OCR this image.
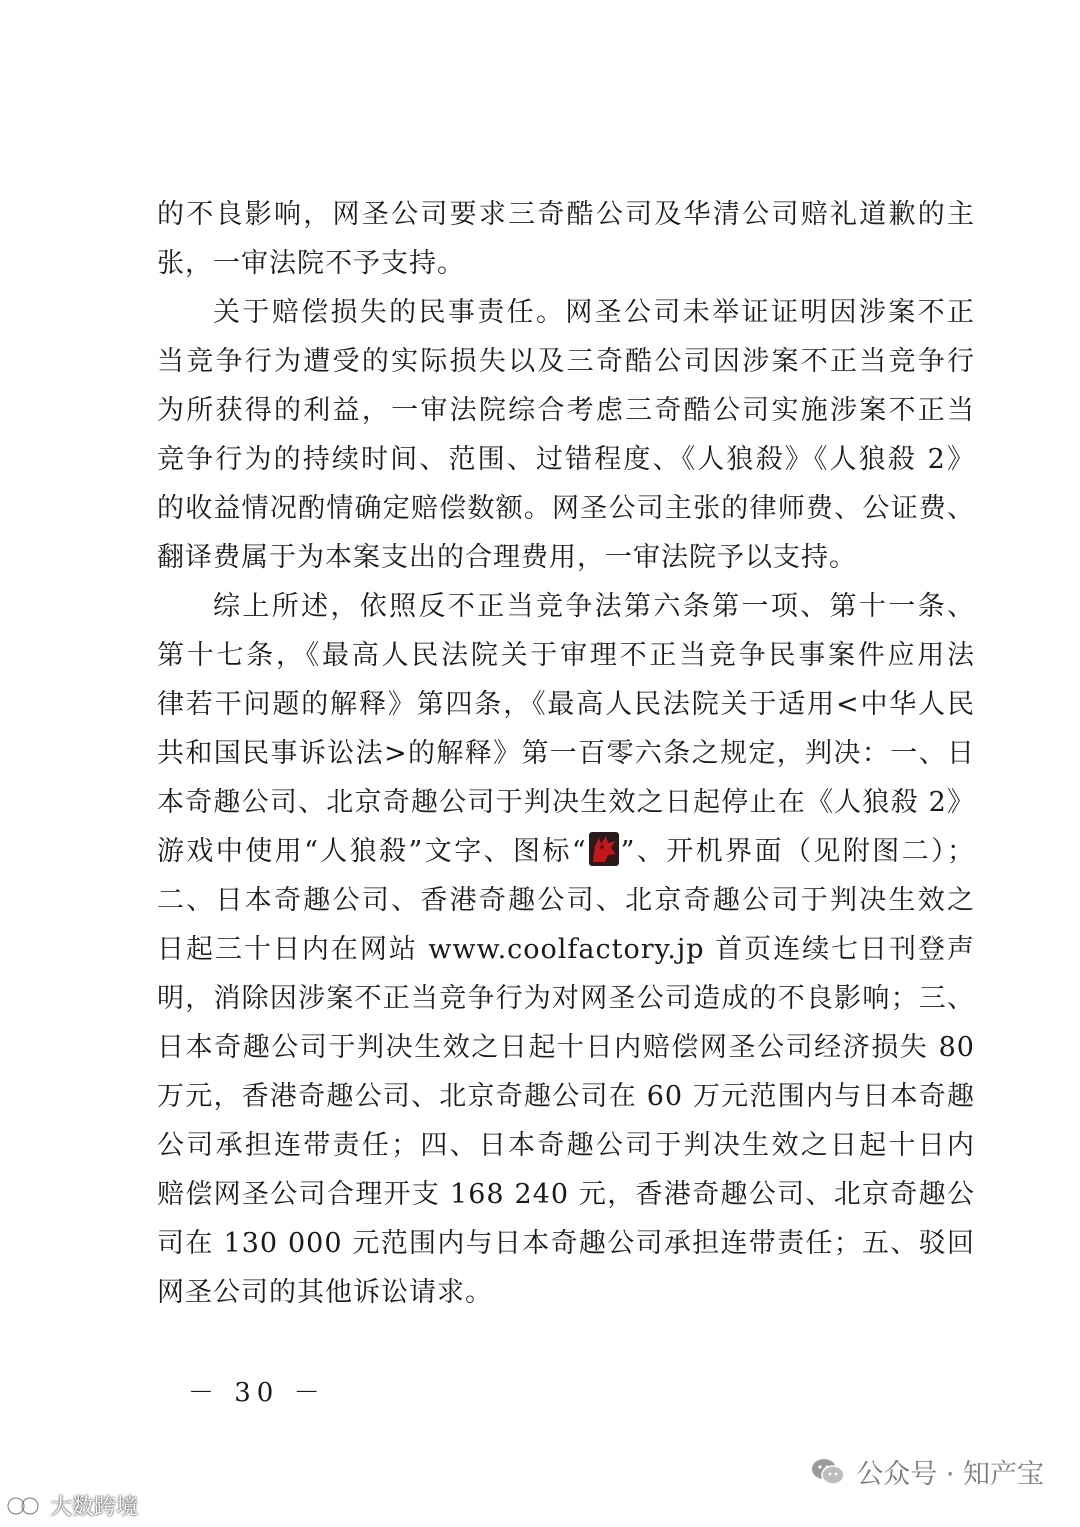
的不良影响，网圣公司要求三奇酷公司及华清公司赔礼道歉的主
张，一审法院不予支持。
关于赔偿损失的民事责任。网圣公司未举证证明因涉案不正
当竞争行为遭受的实际损失以及三奇酷公司因涉案不正当竞争行
为所获得的利益，一审法院综合考虑三奇酷公司实施涉案不正当
竞争行为的持续时间、范围、过错程度、《人狼殺》《人狼殺 2》
的收益情况酌情确定赔偿数额。网圣公司主张的律师费、公证费、
翻译费属于为本案支出的合理费用，一审法院予以支持。
综上所述，依照反不正当竞争法第六条第一项、第十一条、
第十七条，《最高人民法院关于审理不正当竞争民事案件应用法
律若干问题的解释》第四条，《最高人民法院关于适用<中华人民
共和国民事诉讼法>的解释》第一百零六条之规定，判决：一、日
本奇趣公司、北京奇趣公司于判决生效之日起停止在《人狼殺 2》
游戏中使用“人狼殺”文字、图标“ ”、开机界面（见附图二）；
二、日本奇趣公司、香港奇趣公司、北京奇趣公司于判决生效之
日起三十日内在网站 www.coolfactory.jp 首页连续七日刊登声
明，消除因涉案不正当竞争行为对网圣公司造成的不良影响；三、
日本奇趣公司于判决生效之日起十日内赔偿网圣公司经济损失 80
万元，香港奇趣公司、北京奇趣公司在 60 万元范围内与日本奇趣
公司承担连带责任；四、日本奇趣公司于判决生效之日起十日内
赔偿网圣公司合理开支 168 240 元，香港奇趣公司、北京奇趣公
司在 130 000 元范围内与日本奇趣公司承担连带责任；五、驳回
网圣公司的其他诉讼请求。
－ 30 －
大数跨境
公众号 · 知产宝
